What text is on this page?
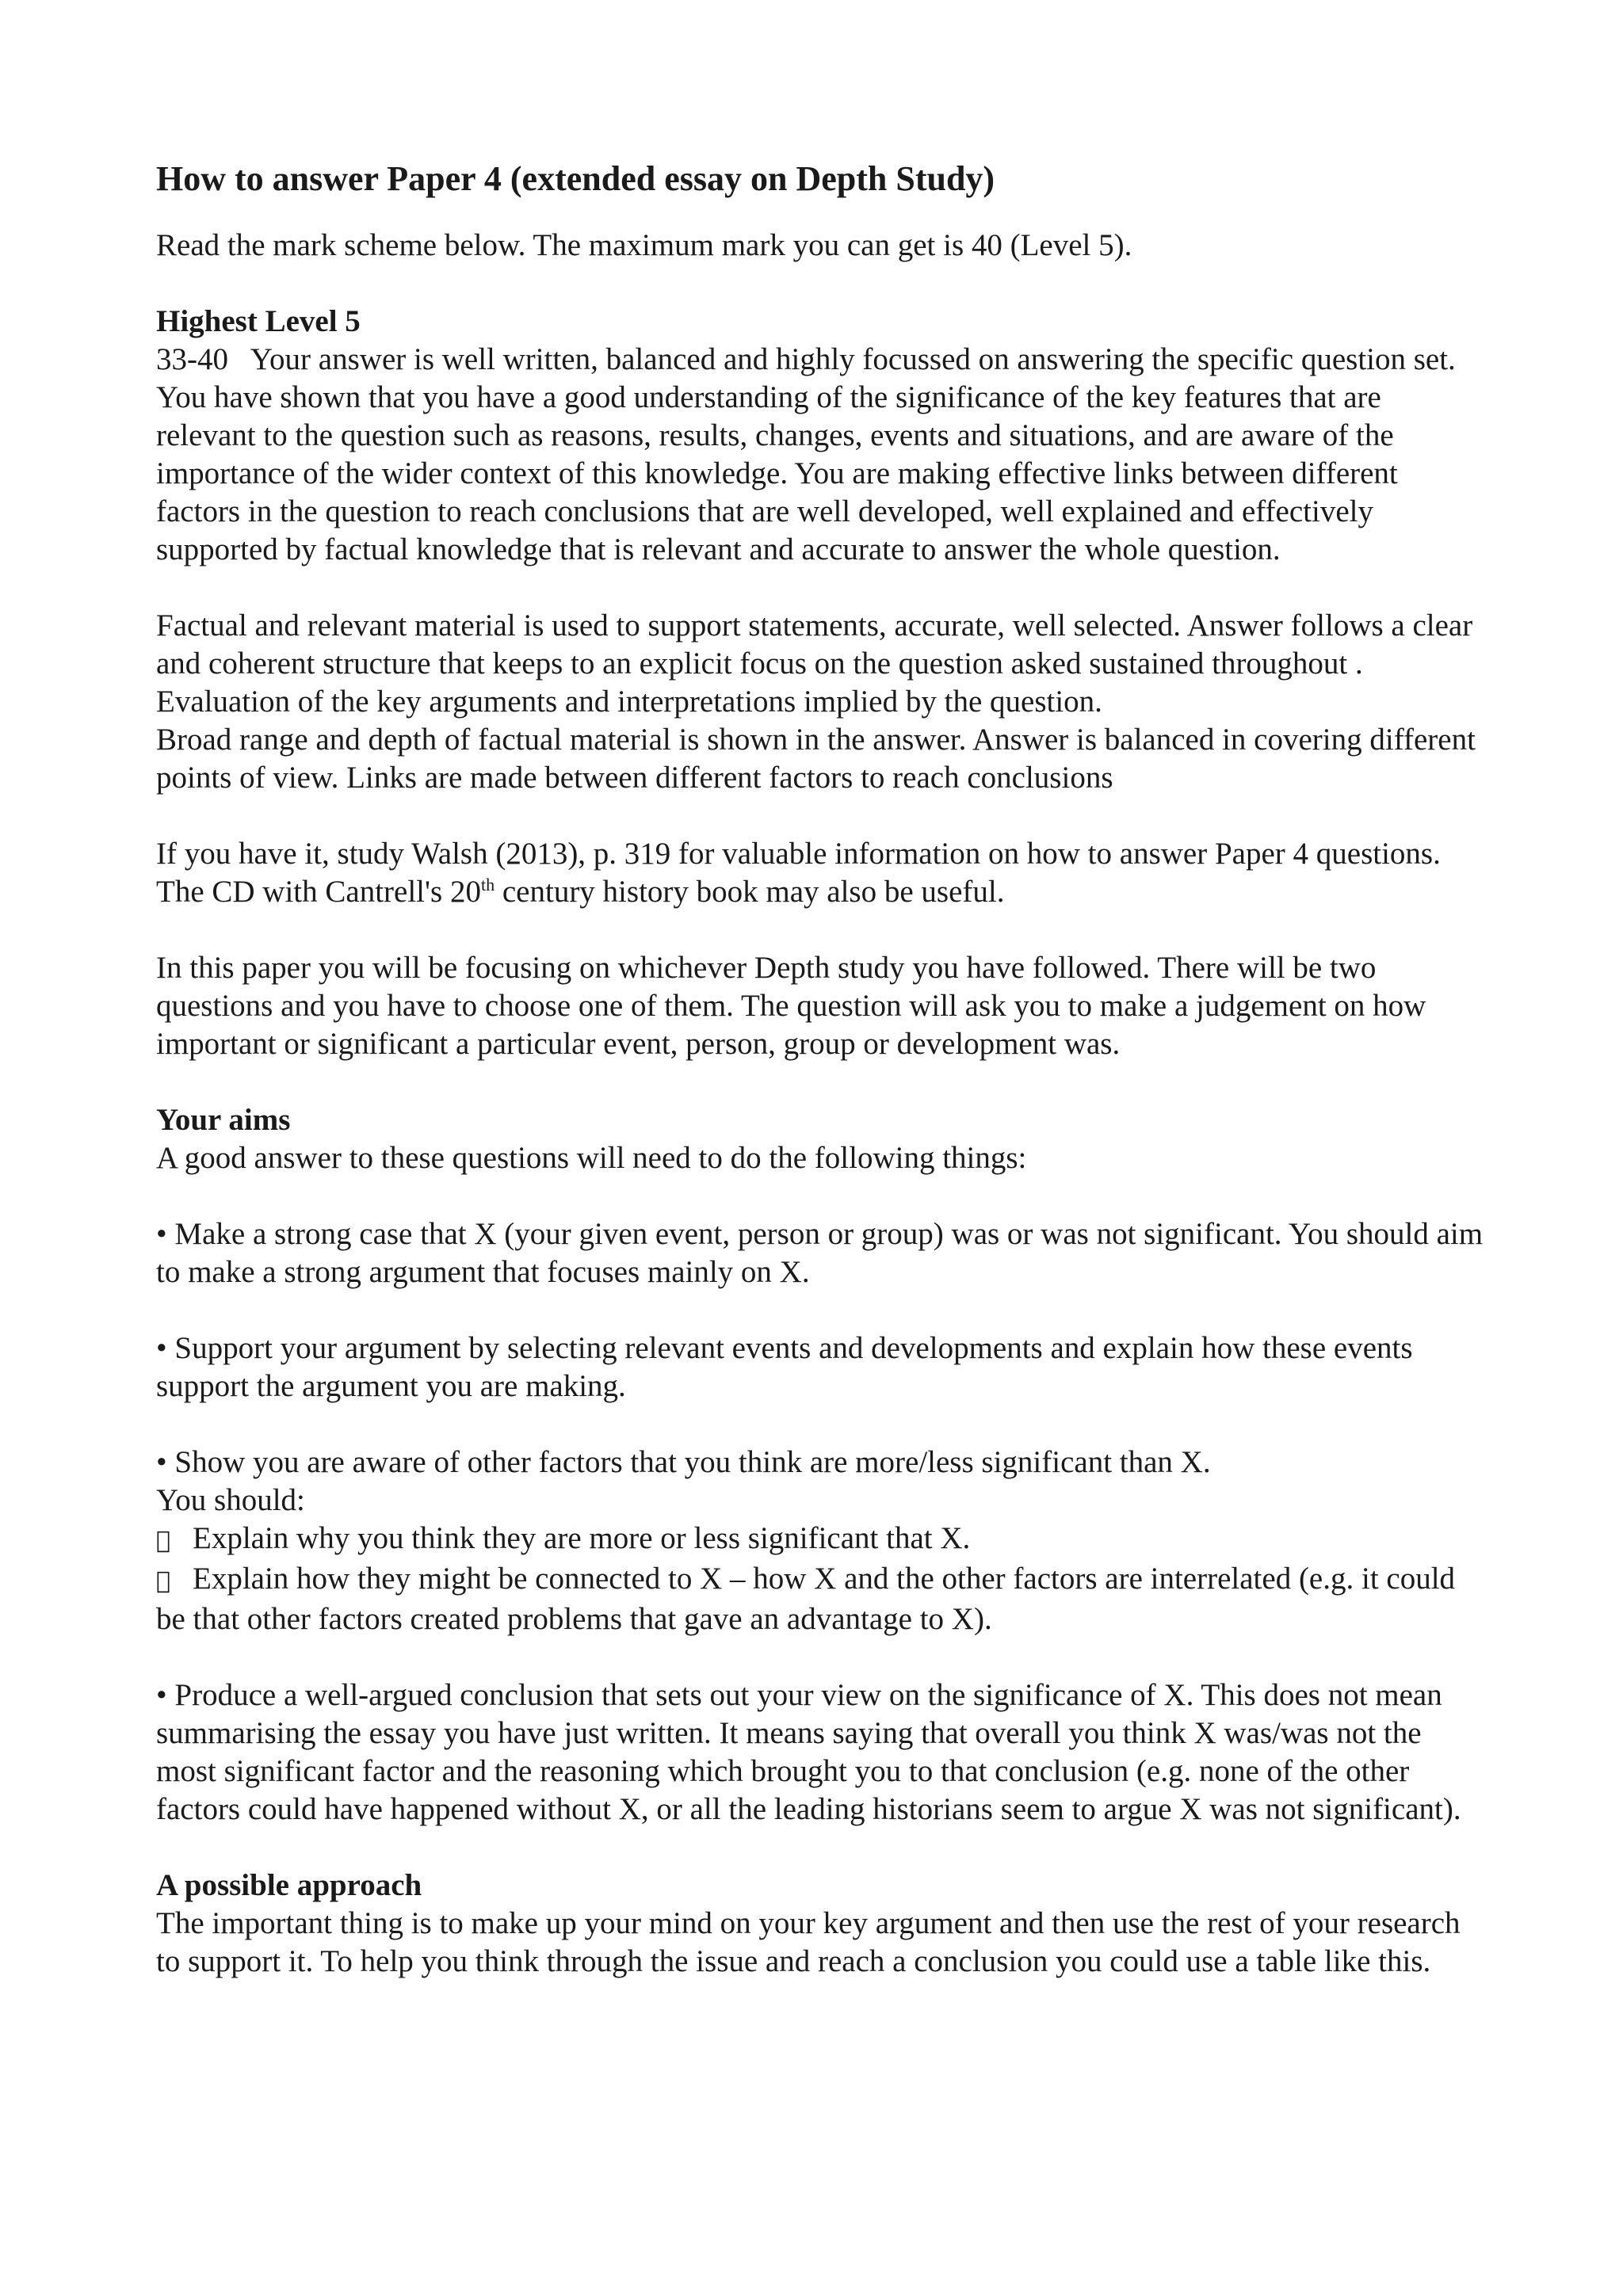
How to answer Paper 4 (extended essay on Depth Study)

Read the mark scheme below. The maximum mark you can get is 40 (Level 5).

Highest Level 5

33-40   Your answer is well written, balanced and highly focussed on answering the specific question set. You have shown that you have a good understanding of the significance of the key features that are relevant to the question such as reasons, results, changes, events and situations, and are aware of the importance of the wider context of this knowledge. You are making effective links between different factors in the question to reach conclusions that are well developed, well explained and effectively supported by factual knowledge that is relevant and accurate to answer the whole question.

Factual and relevant material is used to support statements, accurate, well selected. Answer follows a clear and coherent structure that keeps to an explicit focus on the question asked sustained throughout . Evaluation of the key arguments and interpretations implied by the question.

Broad range and depth of factual material is shown in the answer. Answer is balanced in covering different points of view. Links are made between different factors to reach conclusions

If you have it, study Walsh (2013), p. 319 for valuable information on how to answer Paper 4 questions. The CD with Cantrell's 20th century history book may also be useful.

In this paper you will be focusing on whichever Depth study you have followed. There will be two questions and you have to choose one of them. The question will ask you to make a judgement on how important or significant a particular event, person, group or development was.

Your aims

A good answer to these questions will need to do the following things:

• Make a strong case that X (your given event, person or group) was or was not significant. You should aim to make a strong argument that focuses mainly on X.

• Support your argument by selecting relevant events and developments and explain how these events support the argument you are making.

• Show you are aware of other factors that you think are more/less significant than X.

You should:

Explain why you think they are more or less significant that X.

Explain how they might be connected to X – how X and the other factors are interrelated (e.g. it could be that other factors created problems that gave an advantage to X).

• Produce a well-argued conclusion that sets out your view on the significance of X. This does not mean summarising the essay you have just written. It means saying that overall you think X was/was not the most significant factor and the reasoning which brought you to that conclusion (e.g. none of the other factors could have happened without X, or all the leading historians seem to argue X was not significant).

A possible approach

The important thing is to make up your mind on your key argument and then use the rest of your research to support it. To help you think through the issue and reach a conclusion you could use a table like this.
